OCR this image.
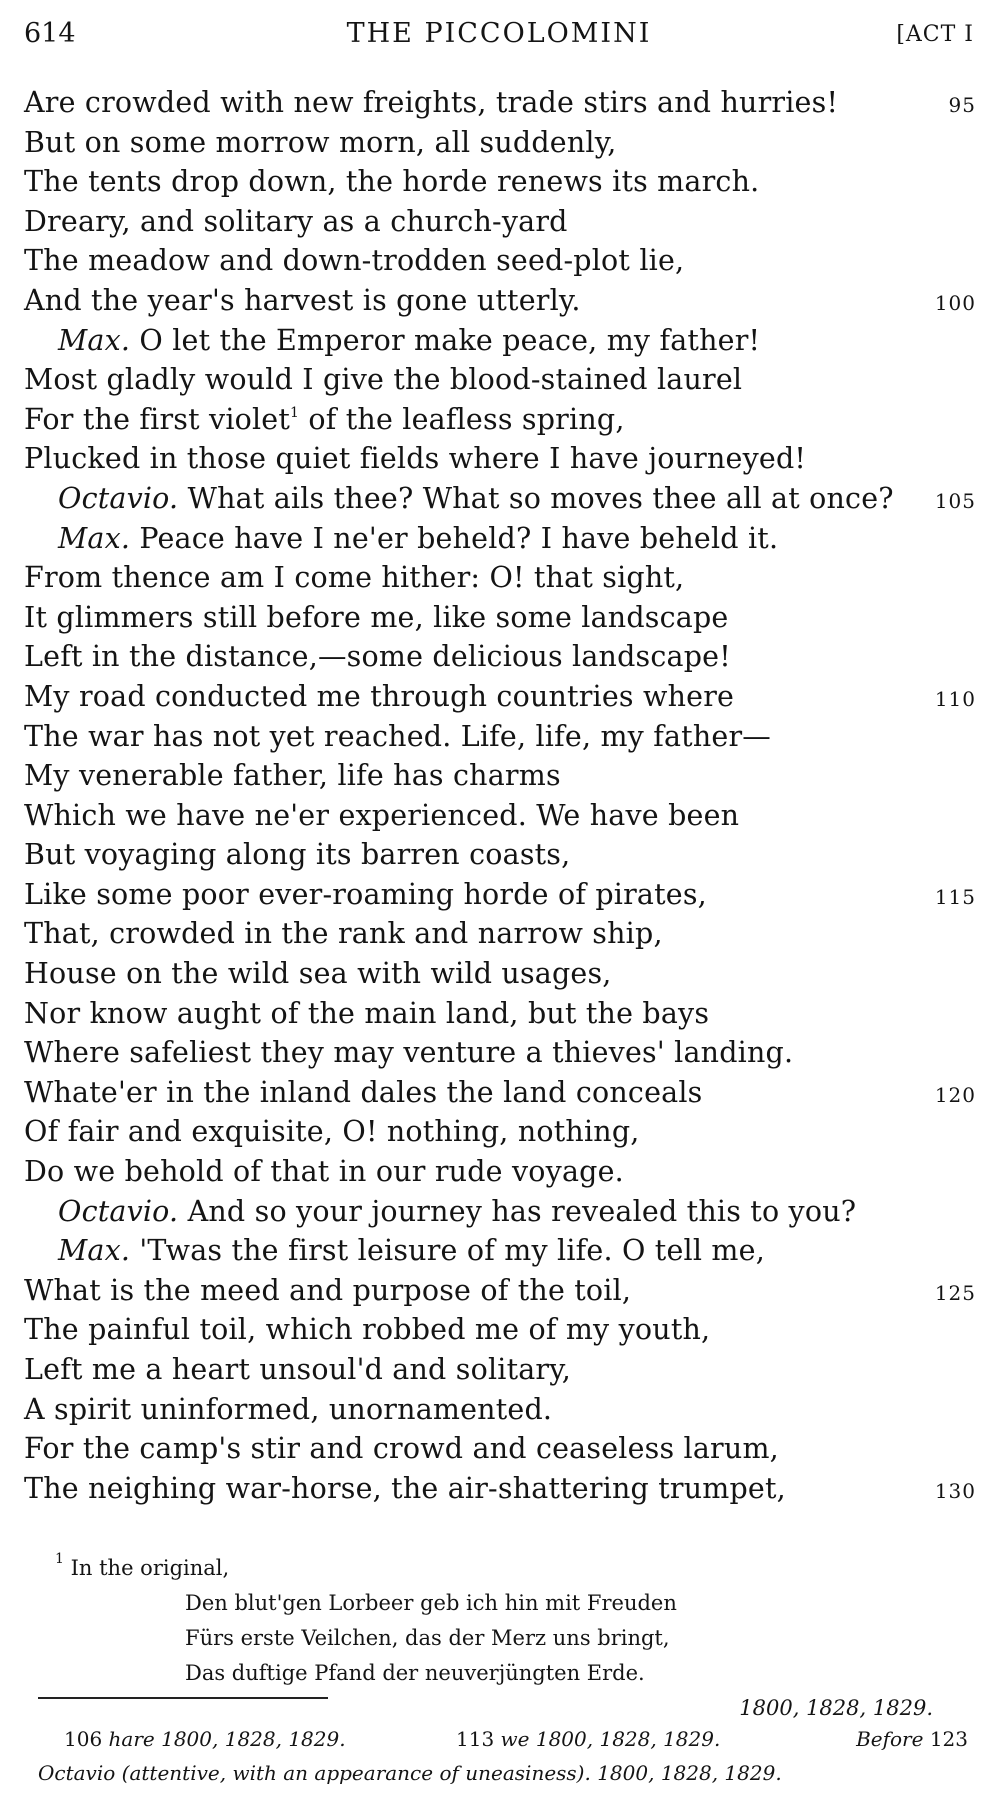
614	THE PICCOLOMINI	[ACT I
Are crowded with new freights, trade stirs and hurries!	95
But on some morrow morn, all suddenly,
The tents drop down, the horde renews its march.
Dreary, and solitary as a church-yard
The meadow and down-trodden seed-plot lie,
And the year's harvest is gone utterly.	100
Max. O let the Emperor make peace, my father!
Most gladly would I give the blood-stained laurel
For the first violet$^1$ of the leafless spring,
Plucked in those quiet fields where I have journeyed!
Octavio. What ails thee? What so moves thee all at once? 105
Max. Peace have I ne'er beheld? I have beheld it.
From thence am I come hither: O! that sight,
It glimmers still before me, like some landscape
Left in the distance,—some delicious landscape!
My road conducted me through countries where	110
The war has not yet reached. Life, life, my father—
My venerable father, life has charms
Which we have ne'er experienced. We have been
But voyaging along its barren coasts,
Like some poor ever-roaming horde of pirates,	115
That, crowded in the rank and narrow ship,
House on the wild sea with wild usages,
Nor know aught of the main land, but the bays
Where safeliest they may venture a thieves' landing.
Whate'er in the inland dales the land conceals	120
Of fair and exquisite, O! nothing, nothing,
Do we behold of that in our rude voyage.
Octavio. And so your journey has revealed this to you?
Max. 'Twas the first leisure of my life. O tell me,
What is the meed and purpose of the toil,	125
The painful toil, which robbed me of my youth,
Left me a heart unsoul'd and solitary,
A spirit uninformed, unornamented.
For the camp's stir and crowd and ceaseless larum,
The neighing war-horse, the air-shattering trumpet,	130
$^1$ In the original,
Den blut'gen Lorbeer geb ich hin mit Freuden
Fürs erste Veilchen, das der Merz uns bringt,
Das duftige Pfand der neuverjüngten Erde.
1800, 1828, 1829.
106 hare 1800, 1828, 1829.	113 we 1800, 1828, 1829.	Before 123
Octavio (attentive, with an appearance of uneasiness). 1800, 1828, 1829.
